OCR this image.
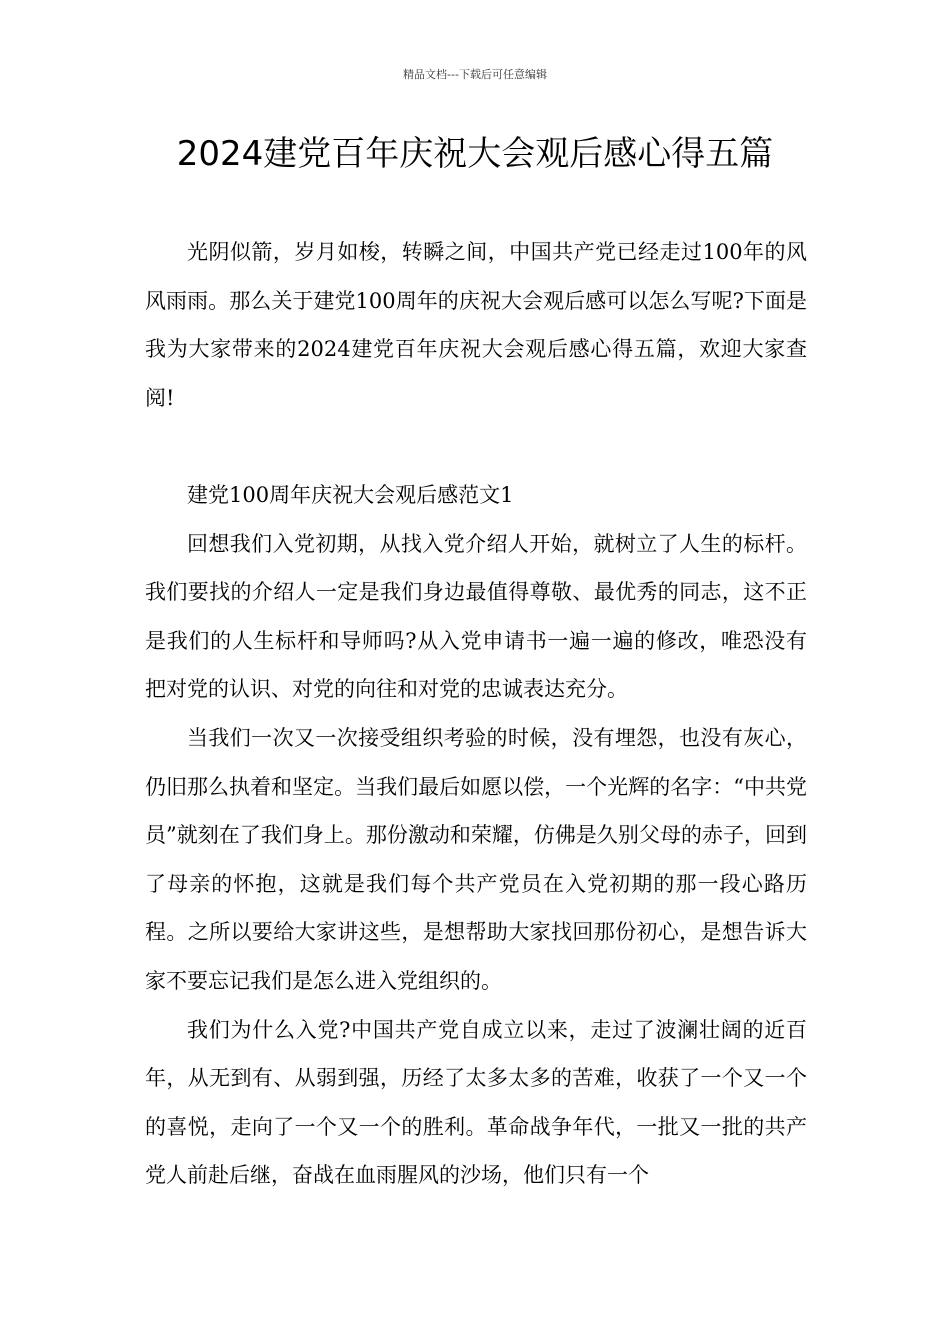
精品文档---下载后可任意编辑
2024建党百年庆祝大会观后感心得五篇

光阴似箭，岁月如梭，转瞬之间，中国共产党已经走过100年的风风雨雨。那么关于建党100周年的庆祝大会观后感可以怎么写呢?下面是我为大家带来的2024建党百年庆祝大会观后感心得五篇，欢迎大家查阅!

建党100周年庆祝大会观后感范文1

回想我们入党初期，从找入党介绍人开始，就树立了人生的标杆。我们要找的介绍人一定是我们身边最值得尊敬、最优秀的同志，这不正是我们的人生标杆和导师吗?从入党申请书一遍一遍的修改，唯恐没有把对党的认识、对党的向往和对党的忠诚表达充分。

当我们一次又一次接受组织考验的时候，没有埋怨，也没有灰心，仍旧那么执着和坚定。当我们最后如愿以偿，一个光辉的名字：“中共党员”就刻在了我们身上。那份激动和荣耀，仿佛是久别父母的赤子，回到了母亲的怀抱，这就是我们每个共产党员在入党初期的那一段心路历程。之所以要给大家讲这些，是想帮助大家找回那份初心，是想告诉大家不要忘记我们是怎么进入党组织的。

我们为什么入党?中国共产党自成立以来，走过了波澜壮阔的近百年，从无到有、从弱到强，历经了太多太多的苦难，收获了一个又一个的喜悦，走向了一个又一个的胜利。革命战争年代，一批又一批的共产党人前赴后继，奋战在血雨腥风的沙场，他们只有一个
